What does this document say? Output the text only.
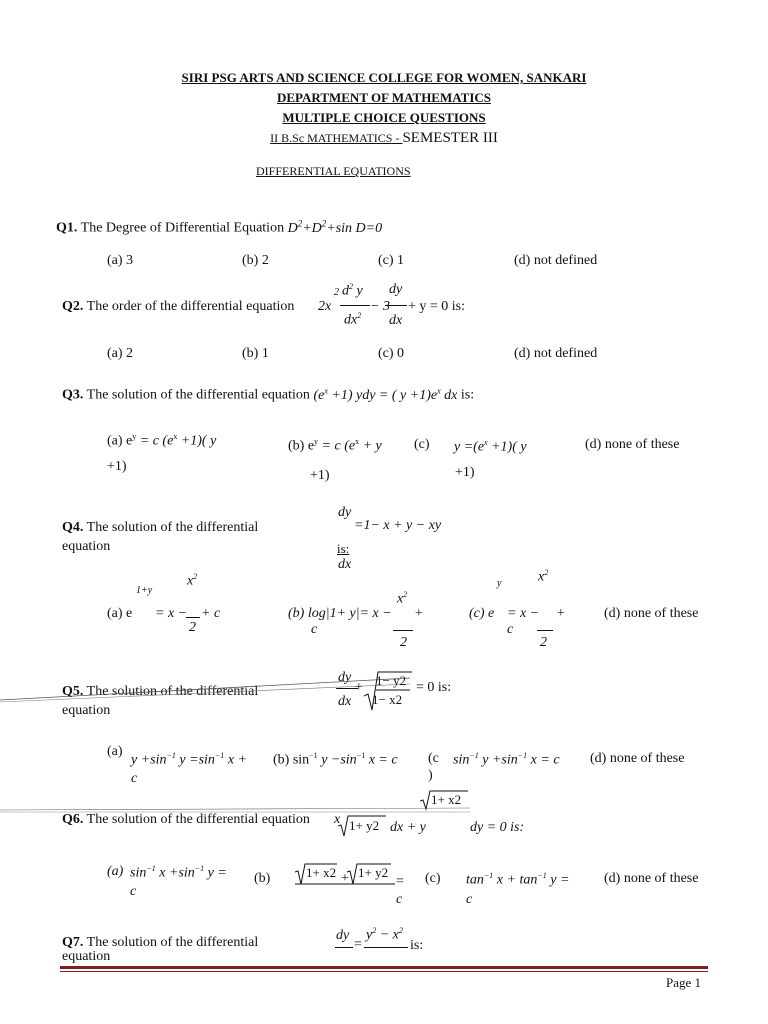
SIRI PSG ARTS AND SCIENCE COLLEGE FOR WOMEN, SANKARI
DEPARTMENT OF MATHEMATICS
MULTIPLE CHOICE QUESTIONS
II B.Sc MATHEMATICS - SEMESTER III
DIFFERENTIAL EQUATIONS
Q1. The Degree of Differential Equation $D^2+D^2+\sin$ D=0
(a) 3	(b) 2	(c) 1	(d) not defined
Q2. The order of the differential equation 2x
2 $d^2$ y
$dx^2$
− 3
dy
dx
+ y = 0 is:
(a) 2	(b) 1	(c) 0	(d) not defined
Q3. The solution of the differential equation $(e^x +1)$ ydy = ( $y +1)e^x$ dx is:
(a) $e^y = c$ $(e^x +1)$( y
+1)
(b) $e^y = c$ ($e^x + y$
+1)
(c) $y =(e^x +1)$( y
+1)
(d) none of these
Q4. The solution of the differential
equation
dy
=1− x + y − xy
is:
dx
1+y
$x^2$
(a) e = x − + c
2
(b) log|1+ y|= x −
$x^2$
+
c
2
y	$x^2$
(c) e = x − +
c
2
(d) none of these
Q5. The solution of the differential
equation
dy
dx
+ 1− y2
1− x2
= 0 is:
(a)
$y +\sin^{-1}$ $y =\sin^{-1}$ x +
c
(b) $\sin^{-1} y -\sin^{-1}$ x = c (c
)
$\sin^{-1} y +\sin^{-1}$ x = c (d) none of these
1+ x2
Q6. The solution of the differential equation x 1+ y2 dx + y	dy = 0 is:
(a) $\sin^{-1} x +\sin^{-1}$ y =
c
(b)	1+ x2 + 1+ y2
=
c
(c) $\tan^{-1} x + \tan^{-1} y$ =
c
(d) none of these
Q7. The solution of the differential
equation
dy
=
$y^2 - x^2$
is:
Page 1
